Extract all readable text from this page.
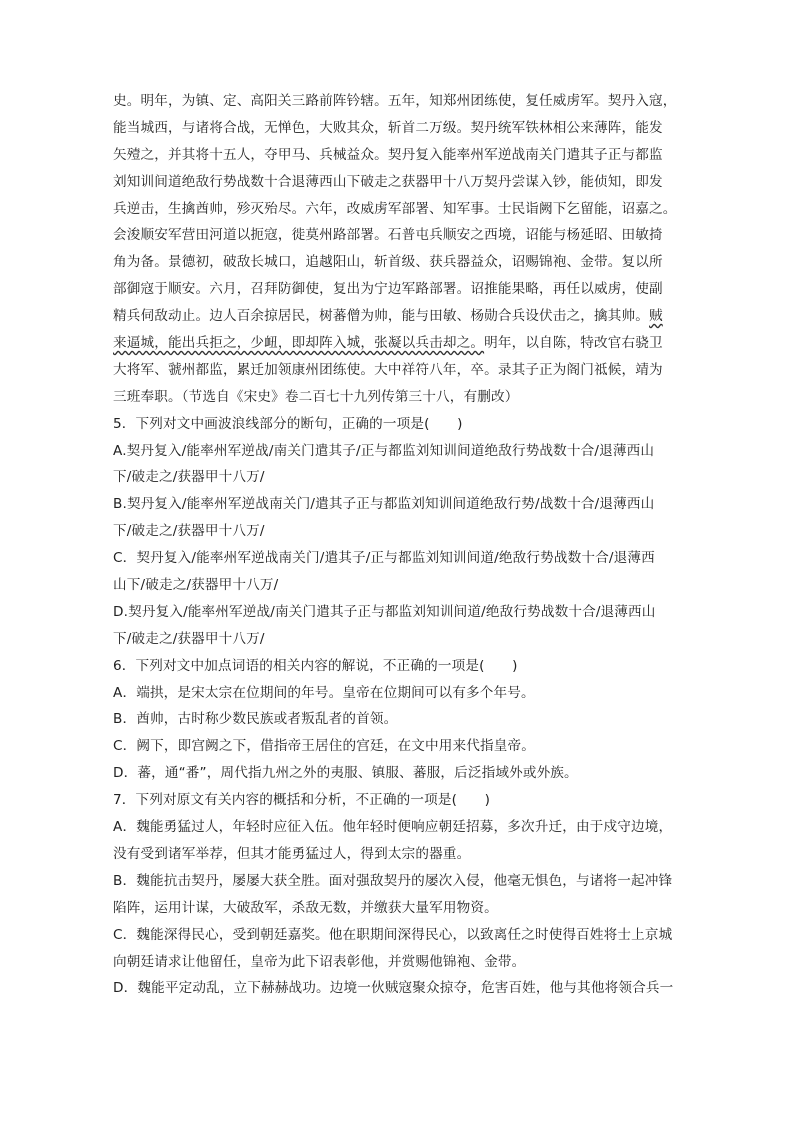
史。明年，为镇、定、高阳关三路前阵钤辖。五年，知郑州团练使，复任威虏军。契丹入寇，
能当城西，与诸将合战，无惮色，大败其众，斩首二万级。契丹统军铁林相公来薄阵，能发
矢殪之，并其将十五人，夺甲马、兵械益众。契丹复入能率州军逆战南关门遣其子正与都监
刘知训间道绝敌行势战数十合退薄西山下破走之获器甲十八万契丹尝谋入钞，能侦知，即发
兵逆击，生擒酋帅，殄灭殆尽。六年，改威虏军部署、知军事。士民诣阙下乞留能，诏嘉之。
会浚顺安军营田河道以扼寇，徙莫州路部署。石普屯兵顺安之西境，诏能与杨延昭、田敏掎
角为备。景德初，破敌长城口，追越阳山，斩首级、获兵器益众，诏赐锦袍、金带。复以所
部御寇于顺安。六月，召拜防御使，复出为宁边军路部署。诏推能果略，再任以威虏，使副
精兵伺敌动止。边人百余掠居民，树蕃僧为帅，能与田敏、杨勋合兵设伏击之，擒其帅。贼
来逼城，能出兵拒之，少衄，即却阵入城，张凝以兵击却之。明年，以自陈，特改官右骁卫
大将军、虢州都监，累迁加领康州团练使。大中祥符八年，卒。录其子正为阁门祗候，靖为
三班奉职。（节选自《宋史》卷二百七十九列传第三十八，有删改）
5．下列对文中画波浪线部分的断句，正确的一项是(　　)
A.契丹复入/能率州军逆战/南关门遣其子/正与都监刘知训间道绝敌行势战数十合/退薄西山
下/破走之/获器甲十八万/
B.契丹复入/能率州军逆战南关门/遣其子正与都监刘知训间道绝敌行势/战数十合/退薄西山
下/破走之/获器甲十八万/
C．契丹复入/能率州军逆战南关门/遣其子/正与都监刘知训间道/绝敌行势战数十合/退薄西
山下/破走之/获器甲十八万/
D.契丹复入/能率州军逆战/南关门遣其子正与都监刘知训间道/绝敌行势战数十合/退薄西山
下/破走之/获器甲十八万/
6．下列对文中加点词语的相关内容的解说，不正确的一项是(　　)
A．端拱，是宋太宗在位期间的年号。皇帝在位期间可以有多个年号。
B．酋帅，古时称少数民族或者叛乱者的首领。
C．阙下，即宫阙之下，借指帝王居住的宫廷，在文中用来代指皇帝。
D．蕃，通“番”，周代指九州之外的夷服、镇服、蕃服，后泛指域外或外族。
7．下列对原文有关内容的概括和分析，不正确的一项是(　　)
A．魏能勇猛过人，年轻时应征入伍。他年轻时便响应朝廷招募，多次升迁，由于戍守边境，
没有受到诸军举荐，但其才能勇猛过人，得到太宗的器重。
B．魏能抗击契丹，屡屡大获全胜。面对强敌契丹的屡次入侵，他毫无惧色，与诸将一起冲锋
陷阵，运用计谋，大破敌军，杀敌无数，并缴获大量军用物资。
C．魏能深得民心，受到朝廷嘉奖。他在职期间深得民心，以致离任之时使得百姓将士上京城
向朝廷请求让他留任，皇帝为此下诏表彰他，并赏赐他锦袍、金带。
D．魏能平定动乱，立下赫赫战功。边境一伙贼寇聚众掠夺，危害百姓，他与其他将领合兵一
